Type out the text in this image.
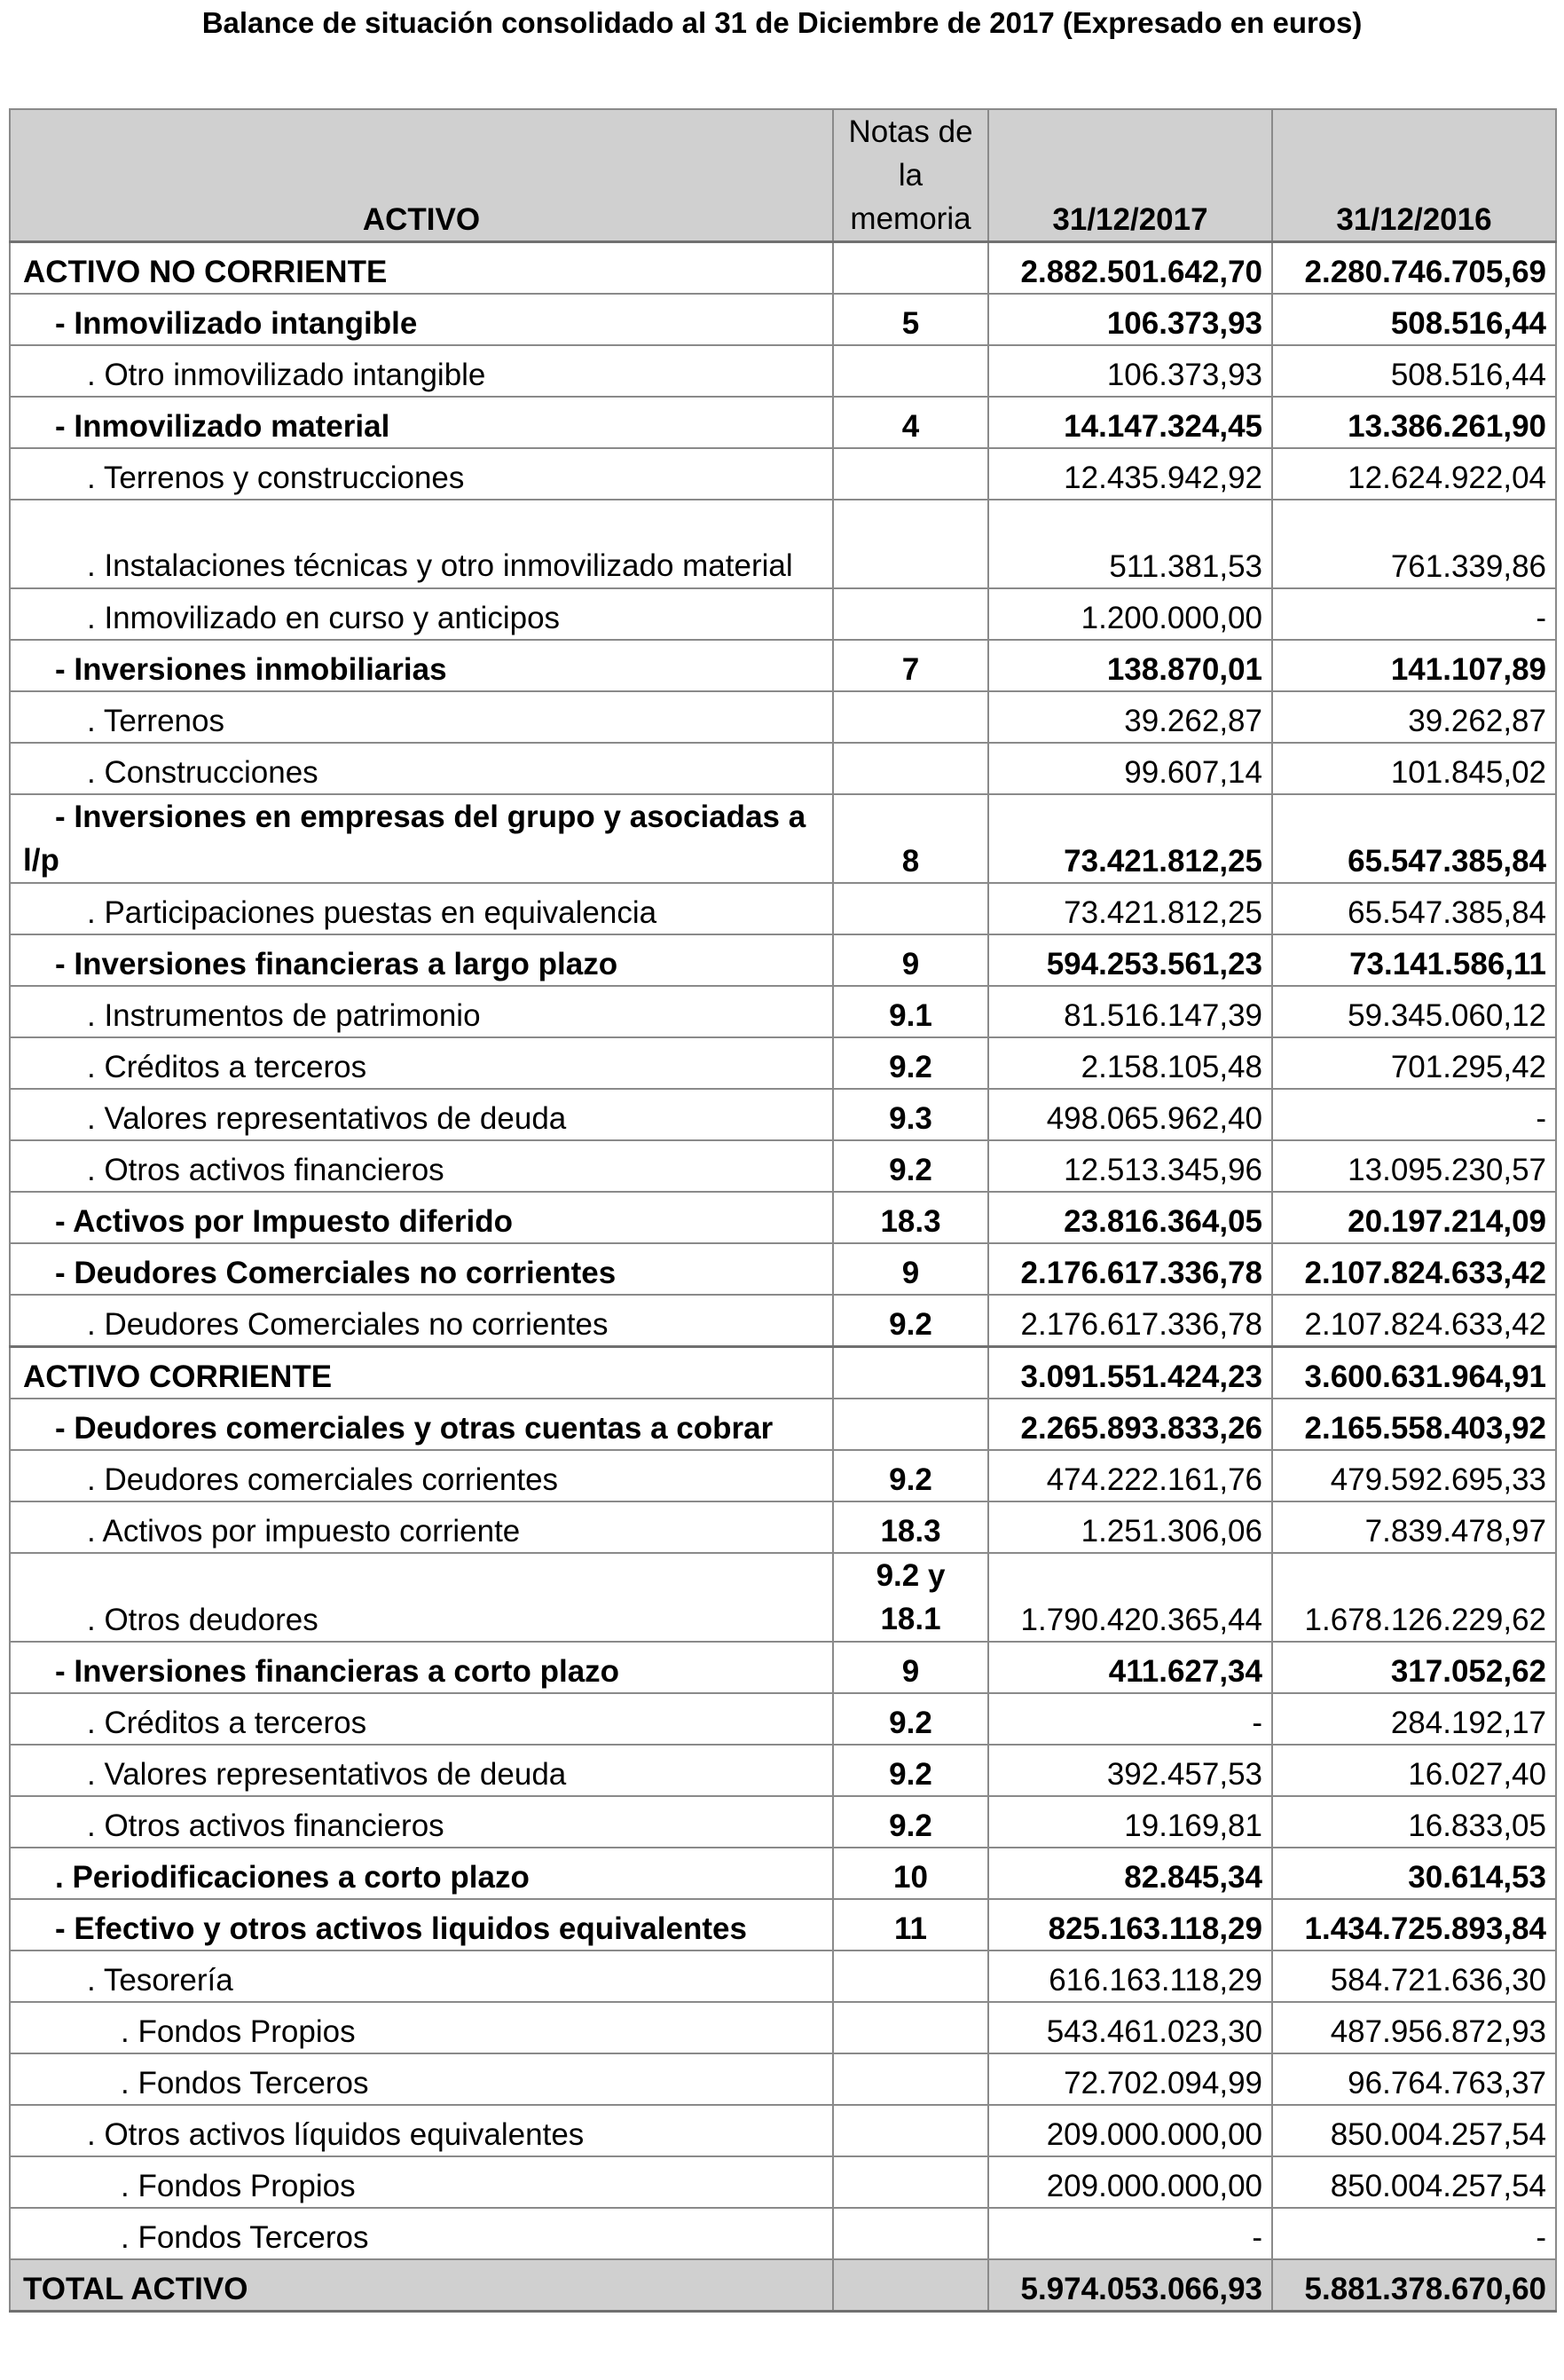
Balance de situación consolidado al 31 de Diciembre de 2017 (Expresado en euros)
ACTIVO	Notas de la memoria	31/12/2017	31/12/2016
ACTIVO NO CORRIENTE		2.882.501.642,70	2.280.746.705,69
- Inmovilizado intangible	5	106.373,93	508.516,44
. Otro inmovilizado intangible		106.373,93	508.516,44
- Inmovilizado material	4	14.147.324,45	13.386.261,90
. Terrenos y construcciones		12.435.942,92	12.624.922,04
. Instalaciones técnicas y otro inmovilizado material		511.381,53	761.339,86
. Inmovilizado en curso y anticipos		1.200.000,00	-
- Inversiones inmobiliarias	7	138.870,01	141.107,89
. Terrenos		39.262,87	39.262,87
. Construcciones		99.607,14	101.845,02
- Inversiones en empresas del grupo y asociadas a l/p	8	73.421.812,25	65.547.385,84
. Participaciones puestas en equivalencia		73.421.812,25	65.547.385,84
- Inversiones financieras a largo plazo	9	594.253.561,23	73.141.586,11
. Instrumentos de patrimonio	9.1	81.516.147,39	59.345.060,12
. Créditos a terceros	9.2	2.158.105,48	701.295,42
. Valores representativos de deuda	9.3	498.065.962,40	-
. Otros activos financieros	9.2	12.513.345,96	13.095.230,57
- Activos por Impuesto diferido	18.3	23.816.364,05	20.197.214,09
- Deudores Comerciales no corrientes	9	2.176.617.336,78	2.107.824.633,42
. Deudores Comerciales no corrientes	9.2	2.176.617.336,78	2.107.824.633,42
ACTIVO CORRIENTE		3.091.551.424,23	3.600.631.964,91
- Deudores comerciales y otras cuentas a cobrar		2.265.893.833,26	2.165.558.403,92
. Deudores comerciales corrientes	9.2	474.222.161,76	479.592.695,33
. Activos por impuesto corriente	18.3	1.251.306,06	7.839.478,97
. Otros deudores	9.2 y 18.1	1.790.420.365,44	1.678.126.229,62
- Inversiones financieras a corto plazo	9	411.627,34	317.052,62
. Créditos a terceros	9.2	-	284.192,17
. Valores representativos de deuda	9.2	392.457,53	16.027,40
. Otros activos financieros	9.2	19.169,81	16.833,05
. Periodificaciones a corto plazo	10	82.845,34	30.614,53
- Efectivo y otros activos liquidos equivalentes	11	825.163.118,29	1.434.725.893,84
. Tesorería		616.163.118,29	584.721.636,30
. Fondos Propios		543.461.023,30	487.956.872,93
. Fondos Terceros		72.702.094,99	96.764.763,37
. Otros activos líquidos equivalentes		209.000.000,00	850.004.257,54
. Fondos Propios		209.000.000,00	850.004.257,54
. Fondos Terceros		-	-
TOTAL ACTIVO		5.974.053.066,93	5.881.378.670,60
